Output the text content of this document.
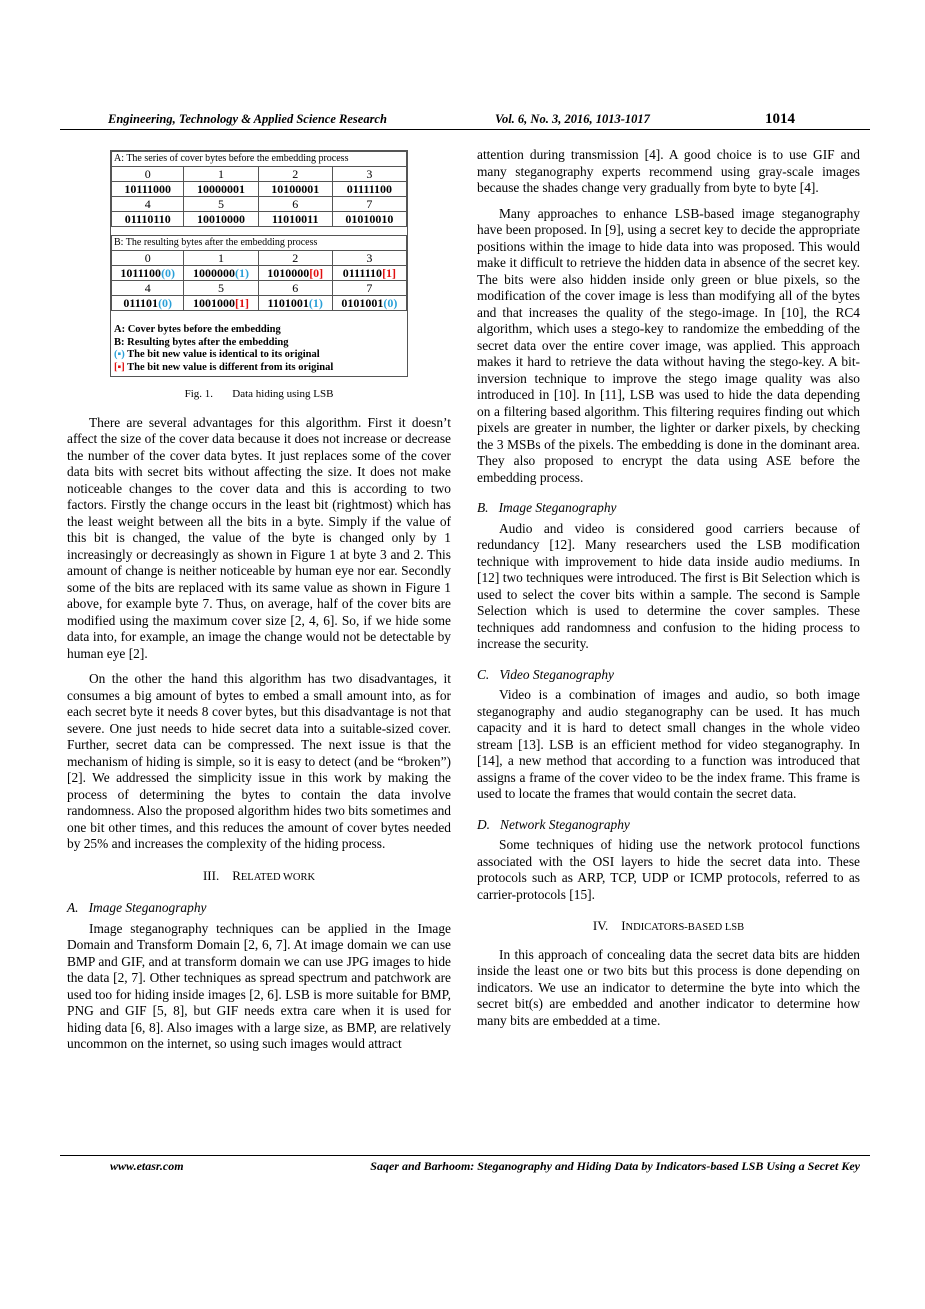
Engineering, Technology & Applied Science Research	Vol. 6, No. 3, 2016, 1013-1017	1014
A: The series of cover bytes before the embedding process			
0	1	2	3
10111000	10000001	10100001	01111100
4	5	6	7
01110110	10010000	11010011	01010010

B: The resulting bytes after the embedding process			
0	1	2	3
1011100(0)	1000000(1)	1010000[0]	0111110[1]
4	5	6	7
011101(0)	1001000[1]	1101001(1)	0101001(0)
A: Cover bytes before the embedding
B: Resulting bytes after the embedding
(▪) The bit new value is identical to its original
[▪] The bit new value is different from its original
Fig. 1.       Data hiding using LSB

There are several advantages for this algorithm. First it doesn’t affect the size of the cover data because it does not increase or decrease the number of the cover data bytes. It just replaces some of the cover data bits with secret bits without affecting the size. It does not make noticeable changes to the cover data and this is according to two factors. Firstly the change occurs in the least bit (rightmost) which has the least weight between all the bits in a byte. Simply if the value of this bit is changed, the value of the byte is changed only by 1 increasingly or decreasingly as shown in Figure 1 at byte 3 and 2. This amount of change is neither noticeable by human eye nor ear. Secondly some of the bits are replaced with its same value as shown in Figure 1 above, for example byte 7. Thus, on average, half of the cover bits are modified using the maximum cover size [2, 4, 6]. So, if we hide some data into, for example, an image the change would not be detectable by human eye [2].

On the other the hand this algorithm has two disadvantages, it consumes a big amount of bytes to embed a small amount into, as for each secret byte it needs 8 cover bytes, but this disadvantage is not that severe. One just needs to hide secret data into a suitable-sized cover. Further, secret data can be compressed. The next issue is that the mechanism of hiding is simple, so it is easy to detect (and be “broken”) [2]. We addressed the simplicity issue in this work by making the process of determining the bytes to contain the data involve randomness. Also the proposed algorithm hides two bits sometimes and one bit other times, and this reduces the amount of cover bytes needed by 25% and increases the complexity of the hiding process.

III. RELATED WORK
A.   Image Steganography

Image steganography techniques can be applied in the Image Domain and Transform Domain [2, 6, 7]. At image domain we can use BMP and GIF, and at transform domain we can use JPG images to hide the data [2, 7]. Other techniques as spread spectrum and patchwork are used too for hiding inside images [2, 6]. LSB is more suitable for BMP, PNG and GIF [5, 8], but GIF needs extra care when it is used for hiding data [6, 8]. Also images with a large size, as BMP, are relatively uncommon on the internet, so using such images would attract

attention during transmission [4]. A good choice is to use GIF and many steganography experts recommend using gray-scale images because the shades change very gradually from byte to byte [4].

Many approaches to enhance LSB-based image steganography have been proposed. In [9], using a secret key to decide the appropriate positions within the image to hide data into was proposed. This would make it difficult to retrieve the hidden data in absence of the secret key. The bits were also hidden inside only green or blue pixels, so the modification of the cover image is less than modifying all of the bytes and that increases the quality of the stego-image. In [10], the RC4 algorithm, which uses a stego-key to randomize the embedding of the secret data over the entire cover image, was applied. This approach makes it hard to retrieve the data without having the stego-key. A bit-inversion technique to improve the stego image quality was also introduced in [10]. In [11], LSB was used to hide the data depending on a filtering based algorithm. This filtering requires finding out which pixels are greater in number, the lighter or darker pixels, by checking the 3 MSBs of the pixels. The embedding is done in the dominant area. They also proposed to encrypt the data using ASE before the embedding process.

B.   Image Steganography

Audio and video is considered good carriers because of redundancy [12]. Many researchers used the LSB modification technique with improvement to hide data inside audio mediums. In [12] two techniques were introduced. The first is Bit Selection which is used to select the cover bits within a sample. The second is Sample Selection which is used to determine the cover samples. These techniques add randomness and confusion to the hiding process to increase the security.

C.   Video Steganography

Video is a combination of images and audio, so both image steganography and audio steganography can be used. It has much capacity and it is hard to detect small changes in the whole video stream [13]. LSB is an efficient method for video steganography. In [14], a new method that according to a function was introduced that assigns a frame of the cover video to be the index frame. This frame is used to locate the frames that would contain the secret data.

D.   Network Steganography

Some techniques of hiding use the network protocol functions associated with the OSI layers to hide the secret data into. These protocols such as ARP, TCP, UDP or ICMP protocols, referred to as carrier-protocols [15].

IV. INDICATORS-BASED LSB

In this approach of concealing data the secret data bits are hidden inside the least one or two bits but this process is done depending on indicators. We use an indicator to determine the byte into which the secret bit(s) are embedded and another indicator to determine how many bits are embedded at a time.

www.etasr.com	Saqer and Barhoom: Steganography and Hiding Data by Indicators-based LSB Using a Secret Key
